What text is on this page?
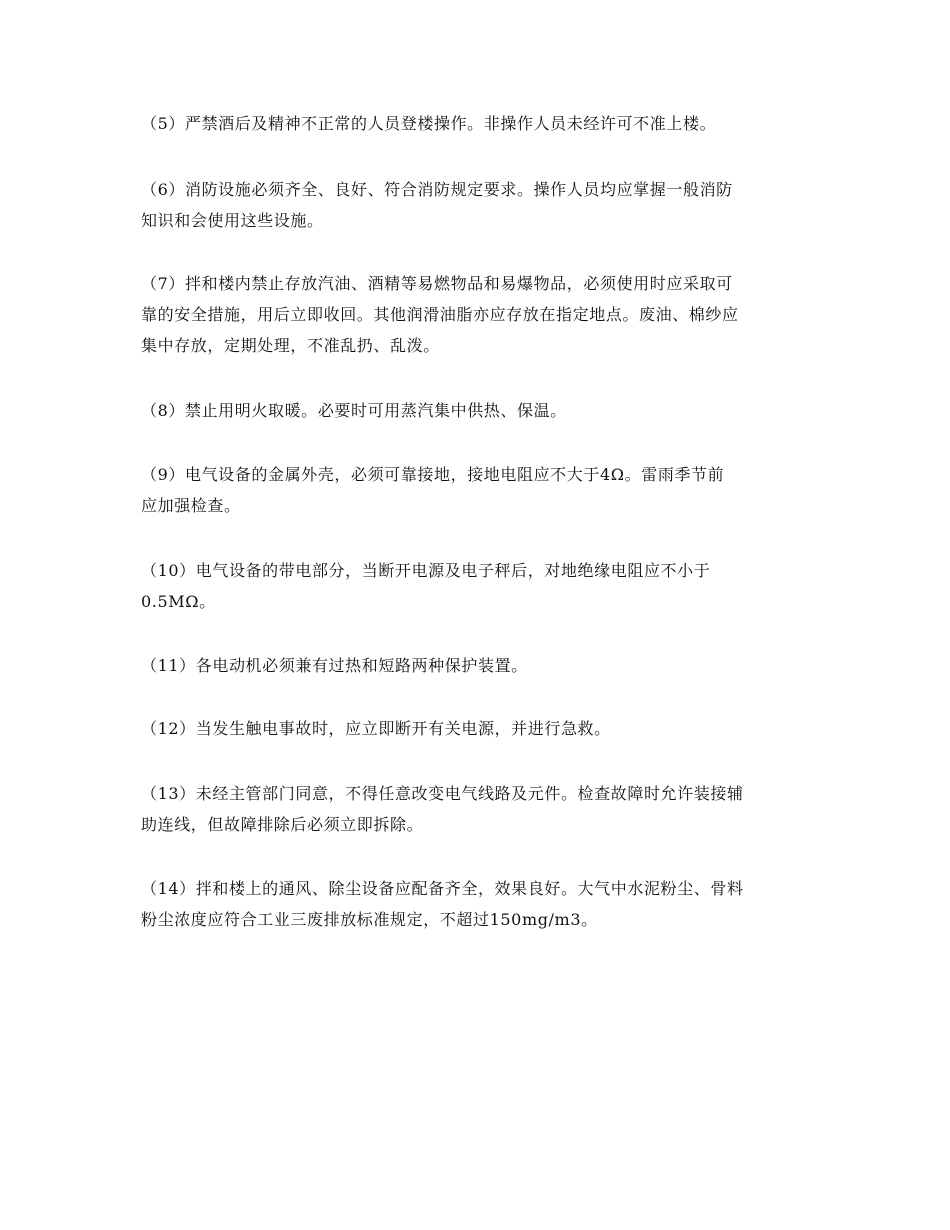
（5）严禁酒后及精神不正常的人员登楼操作。非操作人员未经许可不准上楼。

（6）消防设施必须齐全、良好、符合消防规定要求。操作人员均应掌握一般消防
知识和会使用这些设施。

（7）拌和楼内禁止存放汽油、酒精等易燃物品和易爆物品，必须使用时应采取可
靠的安全措施，用后立即收回。其他润滑油脂亦应存放在指定地点。废油、棉纱应
集中存放，定期处理，不准乱扔、乱泼。

（8）禁止用明火取暖。必要时可用蒸汽集中供热、保温。

（9）电气设备的金属外壳，必须可靠接地，接地电阻应不大于4Ω。雷雨季节前
应加强检查。

（10）电气设备的带电部分，当断开电源及电子秤后，对地绝缘电阻应不小于
0.5MΩ。

（11）各电动机必须兼有过热和短路两种保护装置。

（12）当发生触电事故时，应立即断开有关电源，并进行急救。

（13）未经主管部门同意，不得任意改变电气线路及元件。检查故障时允许装接辅
助连线，但故障排除后必须立即拆除。

（14）拌和楼上的通风、除尘设备应配备齐全，效果良好。大气中水泥粉尘、骨料
粉尘浓度应符合工业三废排放标准规定，不超过150mg/m3。
